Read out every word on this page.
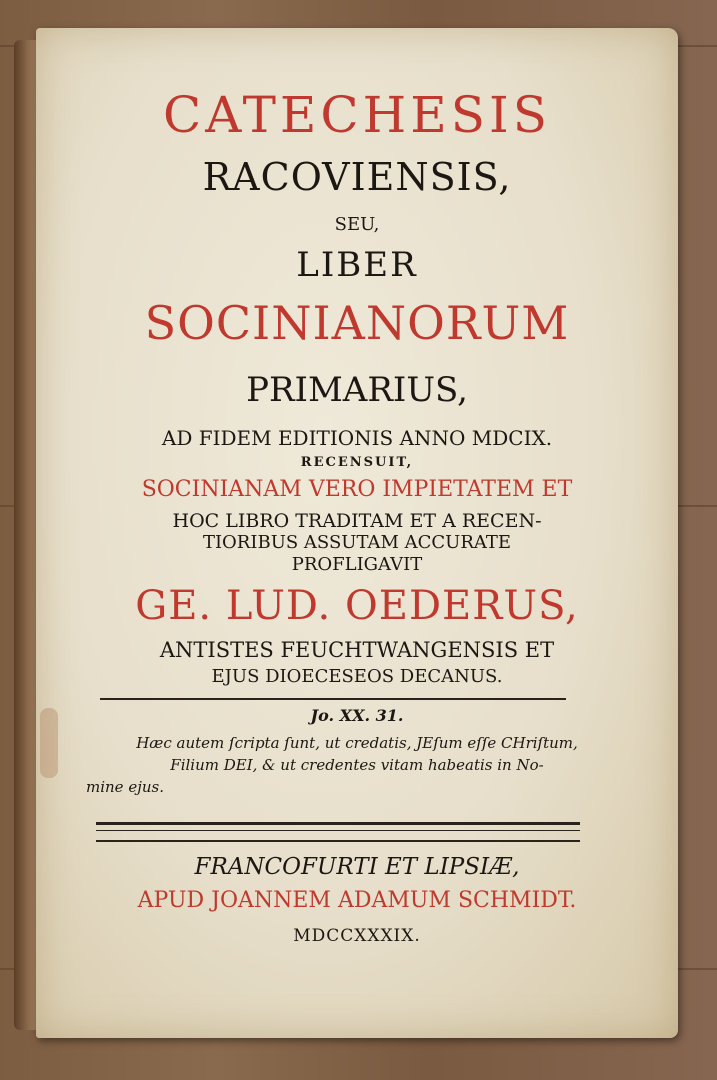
CATECHESIS
RACOVIENSIS,
SEU,
LIBER
SOCINIANORUM
PRIMARIUS,
AD FIDEM EDITIONIS ANNO MDCIX.
RECENSUIT,
SOCINIANAM VERO IMPIETATEM ET
HOC LIBRO TRADITAM ET A RECEN-
TIORIBUS ASSUTAM ACCURATE
PROFLIGAVIT
GE. LUD. OEDERUS,
ANTISTES FEUCHTWANGENSIS ET
EJUS DIOECESEOS DECANUS.
Jo. XX. 31.
Hæc autem ſcripta ſunt, ut credatis, JEſum eſſe CHriſtum,
Filium DEI, & ut credentes vitam habeatis in No-
mine ejus.
FRANCOFURTI ET LIPSIÆ,
APUD JOANNEM ADAMUM SCHMIDT.
MDCCXXXIX.
